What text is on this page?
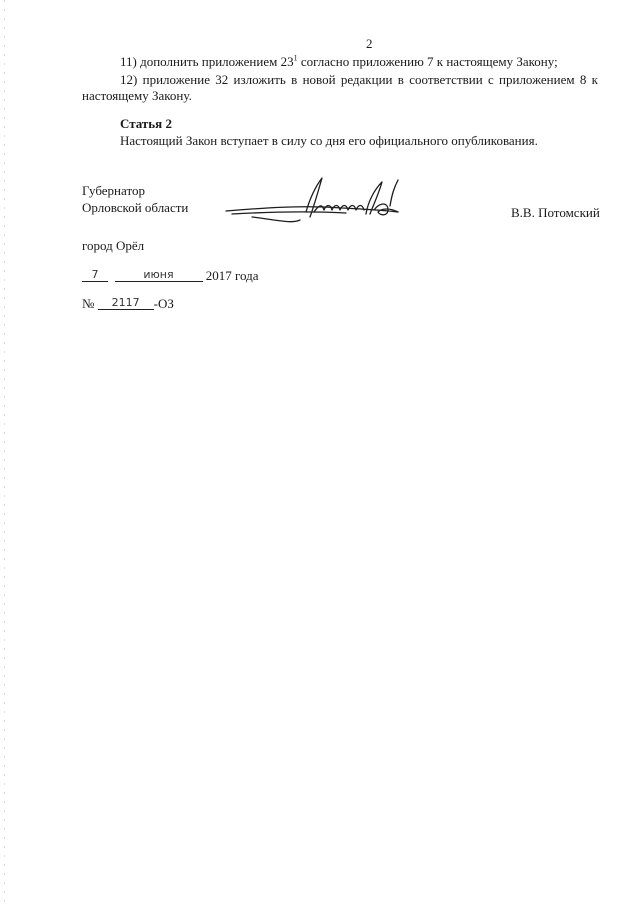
2
11) дополнить приложением $23^1$ согласно приложению 7 к настоящему Закону;
12) приложение 32 изложить в новой редакции в соответствии с приложением 8 к настоящему Закону.
Статья 2
Настоящий Закон вступает в силу со дня его официального опубликования.
Губернатор
Орловской области	В.В. Потомский
город Орёл
7	июня 2017 года
№ 2117 -ОЗ
